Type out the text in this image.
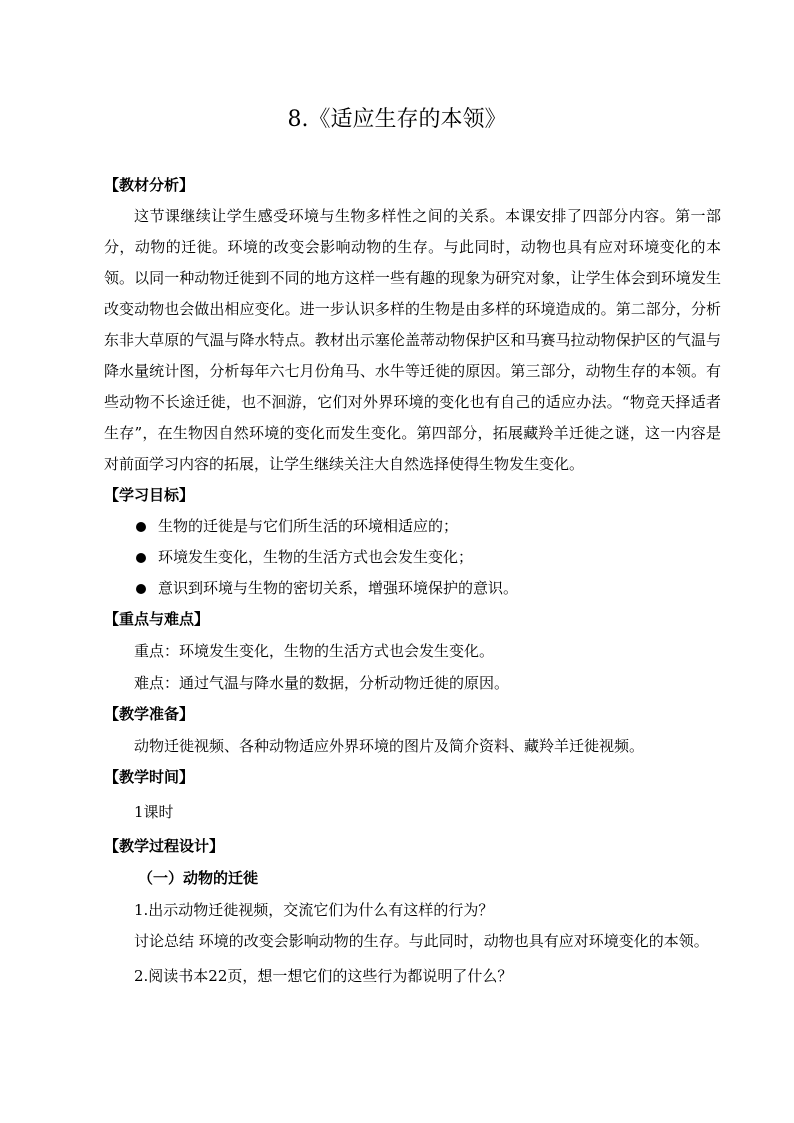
8.《适应生存的本领》
【教材分析】
这节课继续让学生感受环境与生物多样性之间的关系。本课安排了四部分内容。第一部分，动物的迁徙。环境的改变会影响动物的生存。与此同时，动物也具有应对环境变化的本领。以同一种动物迁徙到不同的地方这样一些有趣的现象为研究对象，让学生体会到环境发生改变动物也会做出相应变化。进一步认识多样的生物是由多样的环境造成的。第二部分，分析东非大草原的气温与降水特点。教材出示塞伦盖蒂动物保护区和马赛马拉动物保护区的气温与降水量统计图，分析每年六七月份角马、水牛等迁徙的原因。第三部分，动物生存的本领。有些动物不长途迁徙，也不洄游，它们对外界环境的变化也有自己的适应办法。“物竞天择适者生存”，在生物因自然环境的变化而发生变化。第四部分，拓展藏羚羊迁徙之谜，这一内容是对前面学习内容的拓展，让学生继续关注大自然选择使得生物发生变化。
【学习目标】
生物的迁徙是与它们所生活的环境相适应的；
环境发生变化，生物的生活方式也会发生变化；
意识到环境与生物的密切关系，增强环境保护的意识。
【重点与难点】
重点：环境发生变化，生物的生活方式也会发生变化。
难点：通过气温与降水量的数据，分析动物迁徙的原因。
【教学准备】
动物迁徙视频、各种动物适应外界环境的图片及简介资料、藏羚羊迁徙视频。
【教学时间】
1课时
【教学过程设计】
（一）动物的迁徙
1.出示动物迁徙视频，交流它们为什么有这样的行为？
讨论总结 环境的改变会影响动物的生存。与此同时，动物也具有应对环境变化的本领。
2.阅读书本22页，想一想它们的这些行为都说明了什么？
